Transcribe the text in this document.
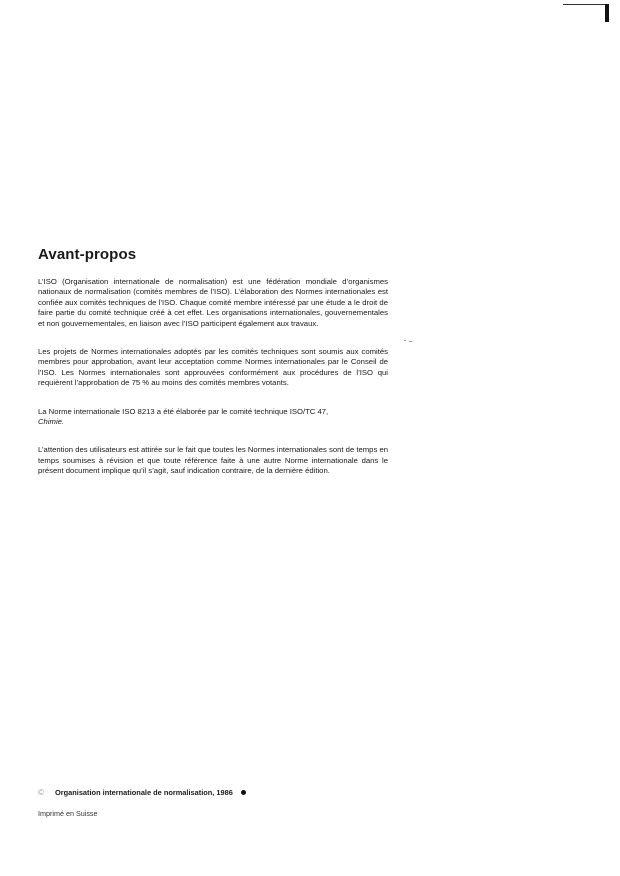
Avant-propos

L’ISO (Organisation internationale de normalisation) est une fédération mondiale d’organismes nationaux de normalisation (comités membres de l’ISO). L’élaboration des Normes internationales est confiée aux comités techniques de l’ISO. Chaque comité membre intéressé par une étude a le droit de faire partie du comité technique créé à cet effet. Les organisations internationales, gouvernementales et non gouvernementales, en liaison avec l’ISO participent également aux travaux.

Les projets de Normes internationales adoptés par les comités techniques sont soumis aux comités membres pour approbation, avant leur acceptation comme Normes internationales par le Conseil de l’ISO. Les Normes internationales sont approuvées conformément aux procédures de l’ISO qui requièrent l’approbation de 75 % au moins des comités membres votants.

La Norme internationale ISO 8213 a été élaborée par le comité technique ISO/TC 47,
Chimie.

L’attention des utilisateurs est attirée sur le fait que toutes les Normes internationales sont de temps en temps soumises à révision et que toute référence faite à une autre Norme internationale dans le présent document implique qu’il s’agit, sauf indication contraire, de la dernière édition.

©	Organisation internationale de normalisation, 1986
Imprimé en Suisse
